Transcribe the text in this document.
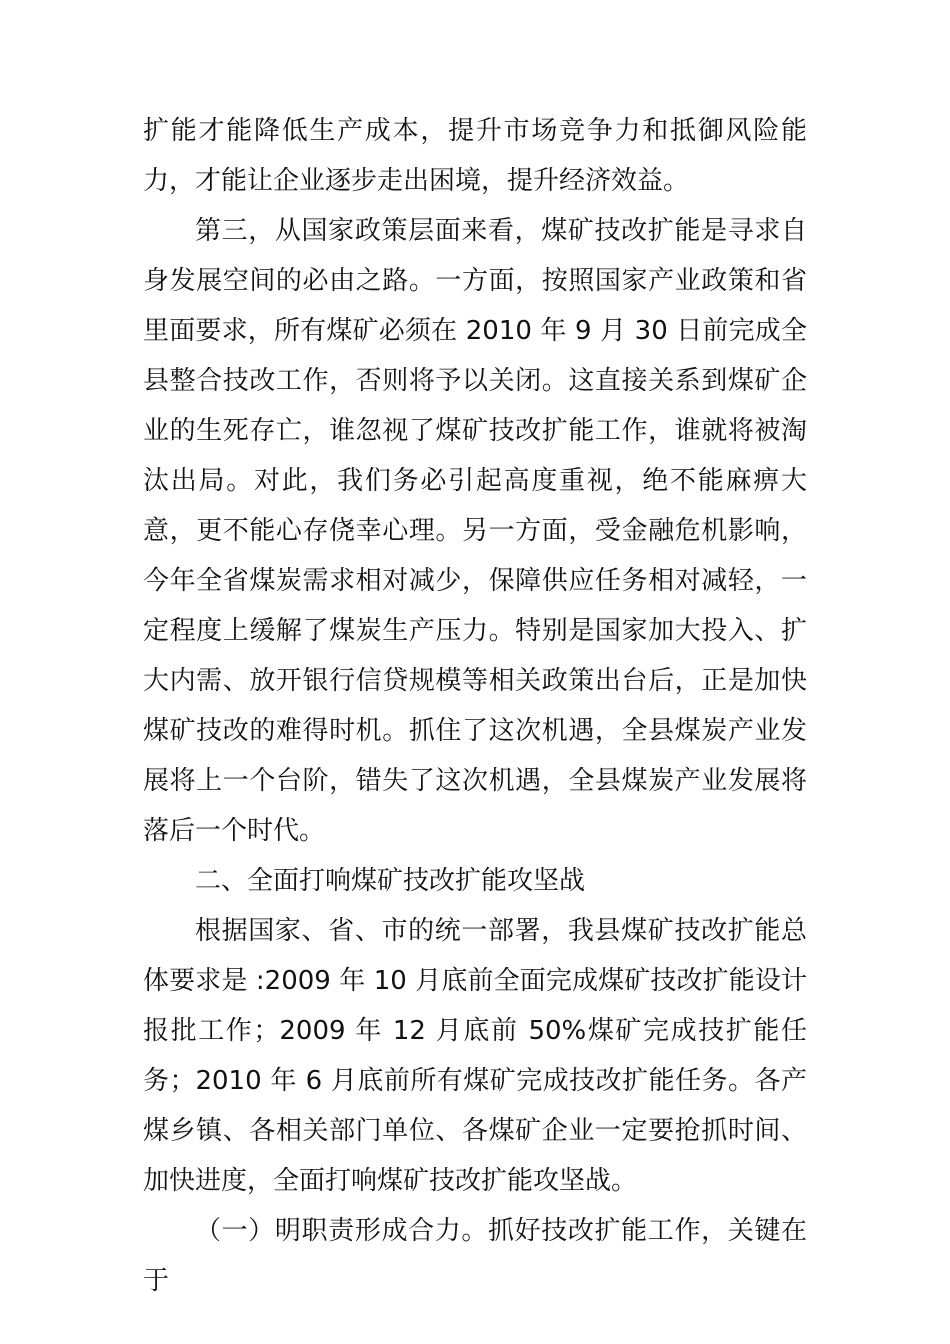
扩能才能降低生产成本，提升市场竞争力和抵御风险能力，才能让企业逐步走出困境，提升经济效益。

第三，从国家政策层面来看，煤矿技改扩能是寻求自身发展空间的必由之路。一方面，按照国家产业政策和省里面要求，所有煤矿必须在 2010 年 9 月 30 日前完成全县整合技改工作，否则将予以关闭。这直接关系到煤矿企业的生死存亡，谁忽视了煤矿技改扩能工作，谁就将被淘汰出局。对此，我们务必引起高度重视，绝不能麻痹大意，更不能心存侥幸心理。另一方面，受金融危机影响，今年全省煤炭需求相对减少，保障供应任务相对减轻，一定程度上缓解了煤炭生产压力。特别是国家加大投入、扩大内需、放开银行信贷规模等相关政策出台后，正是加快煤矿技改的难得时机。抓住了这次机遇，全县煤炭产业发展将上一个台阶，错失了这次机遇，全县煤炭产业发展将落后一个时代。

二、全面打响煤矿技改扩能攻坚战

根据国家、省、市的统一部署，我县煤矿技改扩能总体要求是 :2009 年 10 月底前全面完成煤矿技改扩能设计报批工作；2009 年 12 月底前 50%煤矿完成技扩能任务；2010 年 6 月底前所有煤矿完成技改扩能任务。各产煤乡镇、各相关部门单位、各煤矿企业一定要抢抓时间、加快进度，全面打响煤矿技改扩能攻坚战。

（一）明职责形成合力。抓好技改扩能工作，关键在于
